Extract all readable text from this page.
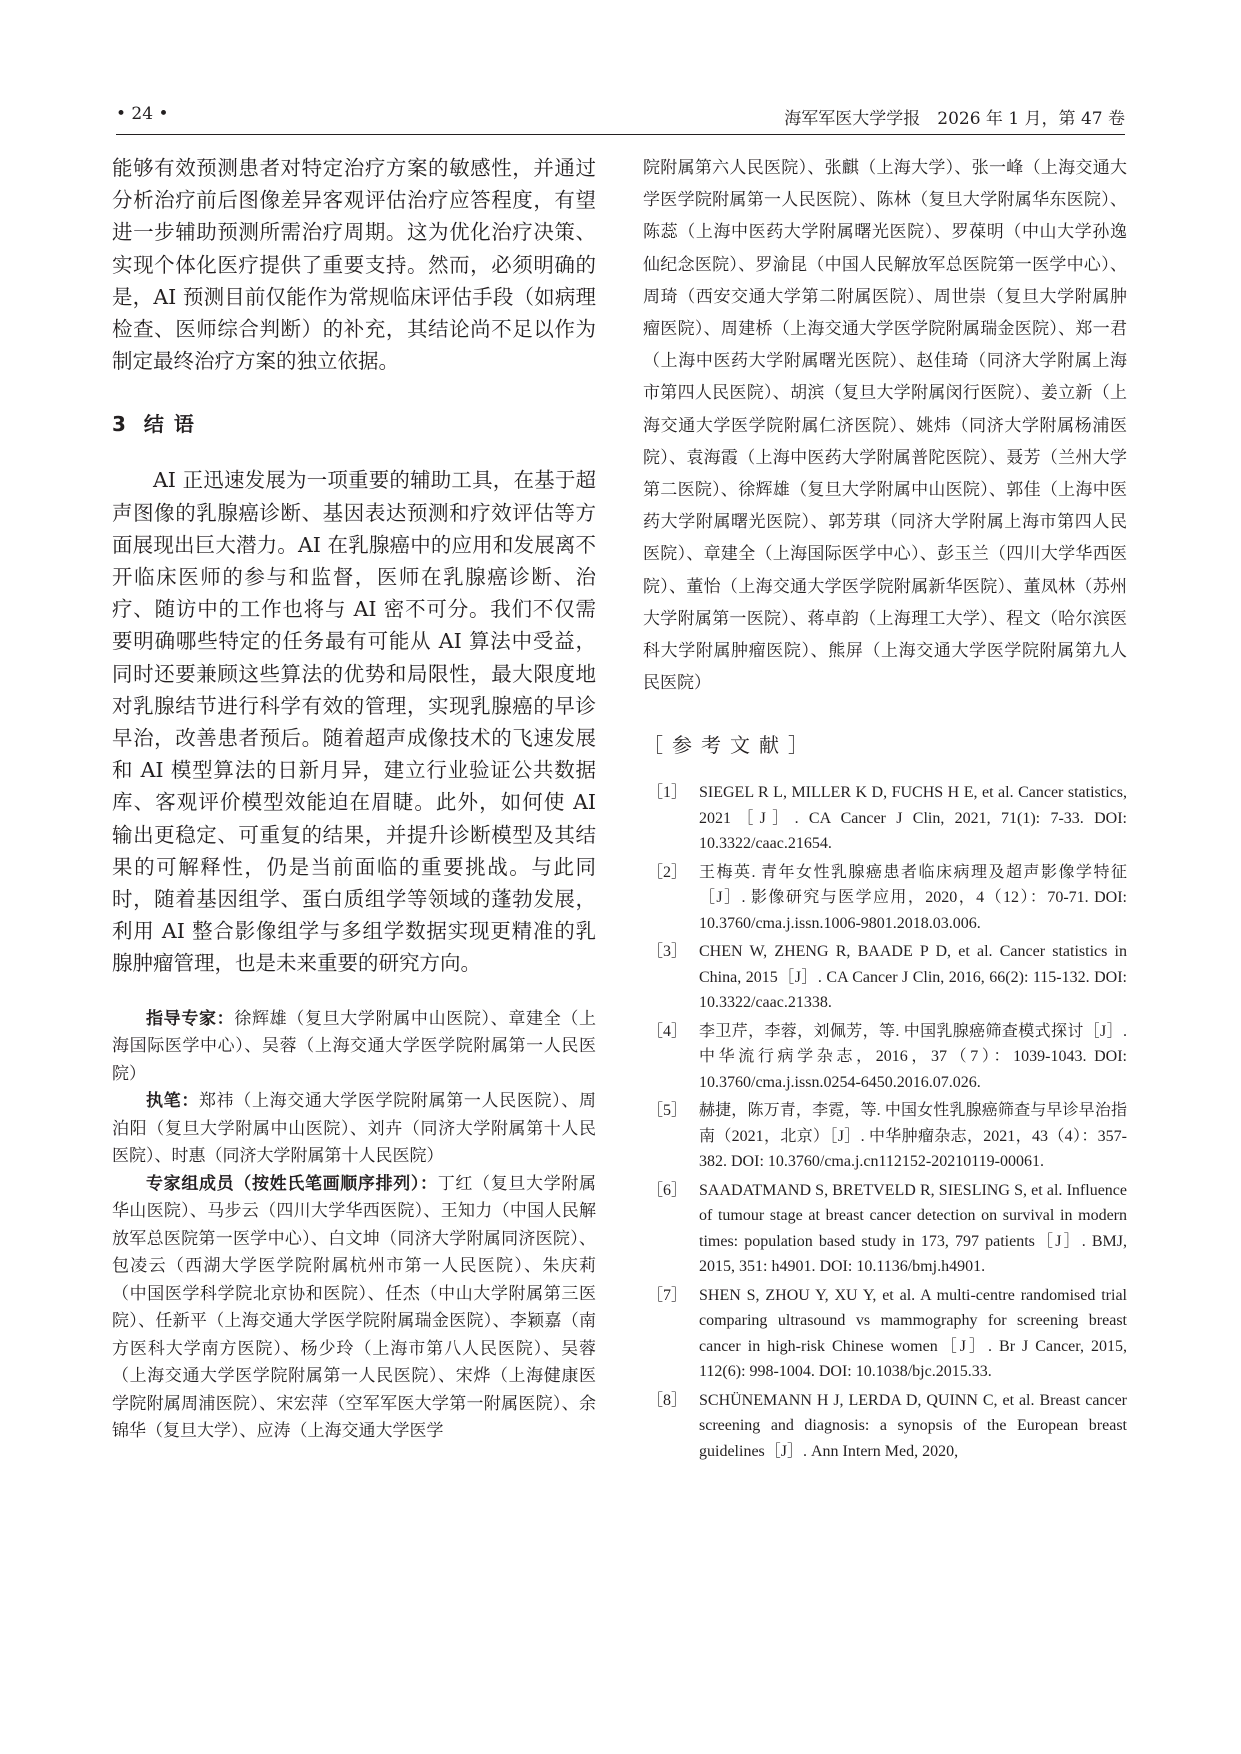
• 24 •	海军军医大学学报　2026 年 1 月，第 47 卷

能够有效预测患者对特定治疗方案的敏感性，并通过分析治疗前后图像差异客观评估治疗应答程度，有望进一步辅助预测所需治疗周期。这为优化治疗决策、实现个体化医疗提供了重要支持。然而，必须明确的是，AI 预测目前仅能作为常规临床评估手段（如病理检查、医师综合判断）的补充，其结论尚不足以作为制定最终治疗方案的独立依据。

3 结语

AI 正迅速发展为一项重要的辅助工具，在基于超声图像的乳腺癌诊断、基因表达预测和疗效评估等方面展现出巨大潜力。AI 在乳腺癌中的应用和发展离不开临床医师的参与和监督，医师在乳腺癌诊断、治疗、随访中的工作也将与 AI 密不可分。我们不仅需要明确哪些特定的任务最有可能从 AI 算法中受益，同时还要兼顾这些算法的优势和局限性，最大限度地对乳腺结节进行科学有效的管理，实现乳腺癌的早诊早治，改善患者预后。随着超声成像技术的飞速发展和 AI 模型算法的日新月异，建立行业验证公共数据库、客观评价模型效能迫在眉睫。此外，如何使 AI 输出更稳定、可重复的结果，并提升诊断模型及其结果的可解释性，仍是当前面临的重要挑战。与此同时，随着基因组学、蛋白质组学等领域的蓬勃发展，利用 AI 整合影像组学与多组学数据实现更精准的乳腺肿瘤管理，也是未来重要的研究方向。

指导专家：徐辉雄（复旦大学附属中山医院）、章建全（上海国际医学中心）、吴蓉（上海交通大学医学院附属第一人民医院）

执笔：郑祎（上海交通大学医学院附属第一人民医院）、周泊阳（复旦大学附属中山医院）、刘卉（同济大学附属第十人民医院）、时惠（同济大学附属第十人民医院）

专家组成员（按姓氏笔画顺序排列）：丁红（复旦大学附属华山医院）、马步云（四川大学华西医院）、王知力（中国人民解放军总医院第一医学中心）、白文坤（同济大学附属同济医院）、包凌云（西湖大学医学院附属杭州市第一人民医院）、朱庆莉（中国医学科学院北京协和医院）、任杰（中山大学附属第三医院）、任新平（上海交通大学医学院附属瑞金医院）、李颖嘉（南方医科大学南方医院）、杨少玲（上海市第八人民医院）、吴蓉（上海交通大学医学院附属第一人民医院）、宋烨（上海健康医学院附属周浦医院）、宋宏萍（空军军医大学第一附属医院）、余锦华（复旦大学）、应涛（上海交通大学医学

院附属第六人民医院）、张麒（上海大学）、张一峰（上海交通大学医学院附属第一人民医院）、陈林（复旦大学附属华东医院）、陈蕊（上海中医药大学附属曙光医院）、罗葆明（中山大学孙逸仙纪念医院）、罗渝昆（中国人民解放军总医院第一医学中心）、周琦（西安交通大学第二附属医院）、周世崇（复旦大学附属肿瘤医院）、周建桥（上海交通大学医学院附属瑞金医院）、郑一君（上海中医药大学附属曙光医院）、赵佳琦（同济大学附属上海市第四人民医院）、胡滨（复旦大学附属闵行医院）、姜立新（上海交通大学医学院附属仁济医院）、姚炜（同济大学附属杨浦医院）、袁海霞（上海中医药大学附属普陀医院）、聂芳（兰州大学第二医院）、徐辉雄（复旦大学附属中山医院）、郭佳（上海中医药大学附属曙光医院）、郭芳琪（同济大学附属上海市第四人民医院）、章建全（上海国际医学中心）、彭玉兰（四川大学华西医院）、董怡（上海交通大学医学院附属新华医院）、董凤林（苏州大学附属第一医院）、蒋卓韵（上海理工大学）、程文（哈尔滨医科大学附属肿瘤医院）、熊屏（上海交通大学医学院附属第九人民医院）

［参考文献］
［1］ SIEGEL R L, MILLER K D, FUCHS H E, et al. Cancer statistics, 2021［J］. CA Cancer J Clin, 2021, 71(1): 7-33. DOI: 10.3322/caac.21654.
［2］ 王梅英. 青年女性乳腺癌患者临床病理及超声影像学特征［J］. 影像研究与医学应用，2020，4（12）：70-71. DOI: 10.3760/cma.j.issn.1006-9801.2018.03.006.
［3］ CHEN W, ZHENG R, BAADE P D, et al. Cancer statistics in China, 2015［J］. CA Cancer J Clin, 2016, 66(2): 115-132. DOI: 10.3322/caac.21338.
［4］ 李卫芹，李蓉，刘佩芳，等. 中国乳腺癌筛查模式探讨［J］. 中华流行病学杂志，2016，37（7）：1039-1043. DOI: 10.3760/cma.j.issn.0254-6450.2016.07.026.
［5］ 赫捷，陈万青，李霓，等. 中国女性乳腺癌筛查与早诊早治指南（2021，北京）［J］. 中华肿瘤杂志，2021，43（4）：357-382. DOI: 10.3760/cma.j.cn112152-20210119-00061.
［6］ SAADATMAND S, BRETVELD R, SIESLING S, et al. Influence of tumour stage at breast cancer detection on survival in modern times: population based study in 173, 797 patients［J］. BMJ, 2015, 351: h4901. DOI: 10.1136/bmj.h4901.
［7］ SHEN S, ZHOU Y, XU Y, et al. A multi-centre randomised trial comparing ultrasound vs mammography for screening breast cancer in high-risk Chinese women［J］. Br J Cancer, 2015, 112(6): 998-1004. DOI: 10.1038/bjc.2015.33.
［8］ SCHÜNEMANN H J, LERDA D, QUINN C, et al. Breast cancer screening and diagnosis: a synopsis of the European breast guidelines［J］. Ann Intern Med, 2020,
